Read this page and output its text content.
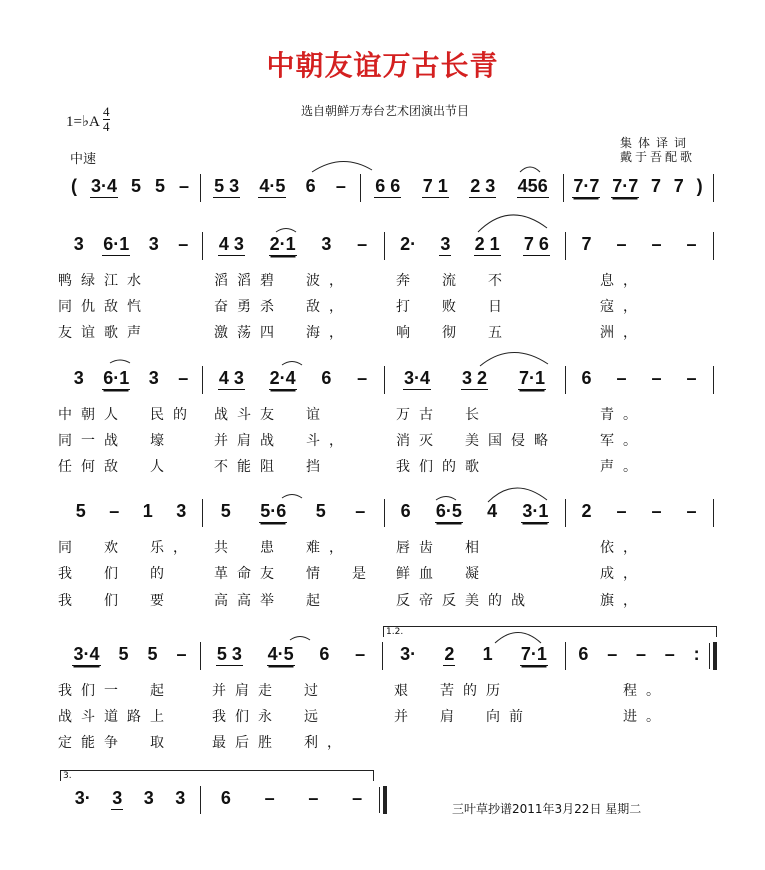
中朝友谊万古长青
选自朝鲜万寿台艺术团演出节目
1=♭A
4
4
中速
集体译词
戴于吾配歌
1.2.
3.
( 3·4 5 5 – 5 3 4·5 6 – 6 6 7 1 2 3 456 7·7 7·7 7 7 )
3 6·1 3 – 4 3 2·1 3 – 2· 3 2 1 7 6 7 – – –
鸭绿江水	滔滔碧　波，	奔　流　不	　息，
同仇敌忾	奋勇杀　敌，	打　败　日	　寇，
友谊歌声	激荡四　海，	响　彻　五	　洲，
3 6·1 3 – 4 3 2·4 6 – 3·4 3 2 7·1 6 – – –
中朝人　民的 战斗友　谊	万古　长	　青。
同一战　壕	并肩战　斗，	消灭　美国侵略 　军。
任何敌　人	不能阻　挡	我们的歌	　声。
5 – 1 3 5 5·6 5 – 6 6·5 4 3·1 2 – – –
同　欢　乐， 共　患　难，	唇齿　相	　依，
我　们　的	革命友　情　是 鲜血　凝	　成，
我　们　要	高高举　起	反帝反美的战	　旗，
3·4 5 5 – 5 3 4·5 6 – 3· 2 1 7·1 6 – – – :
我们一　起	并肩走　过	艰　苦的历	　　程。
战斗道路上	我们永　远	并　肩　向前	　　进。
定能争　取	最后胜　利，
3· 3 3 3 6 – – –
三叶草抄谱2011年3月22日 星期二
